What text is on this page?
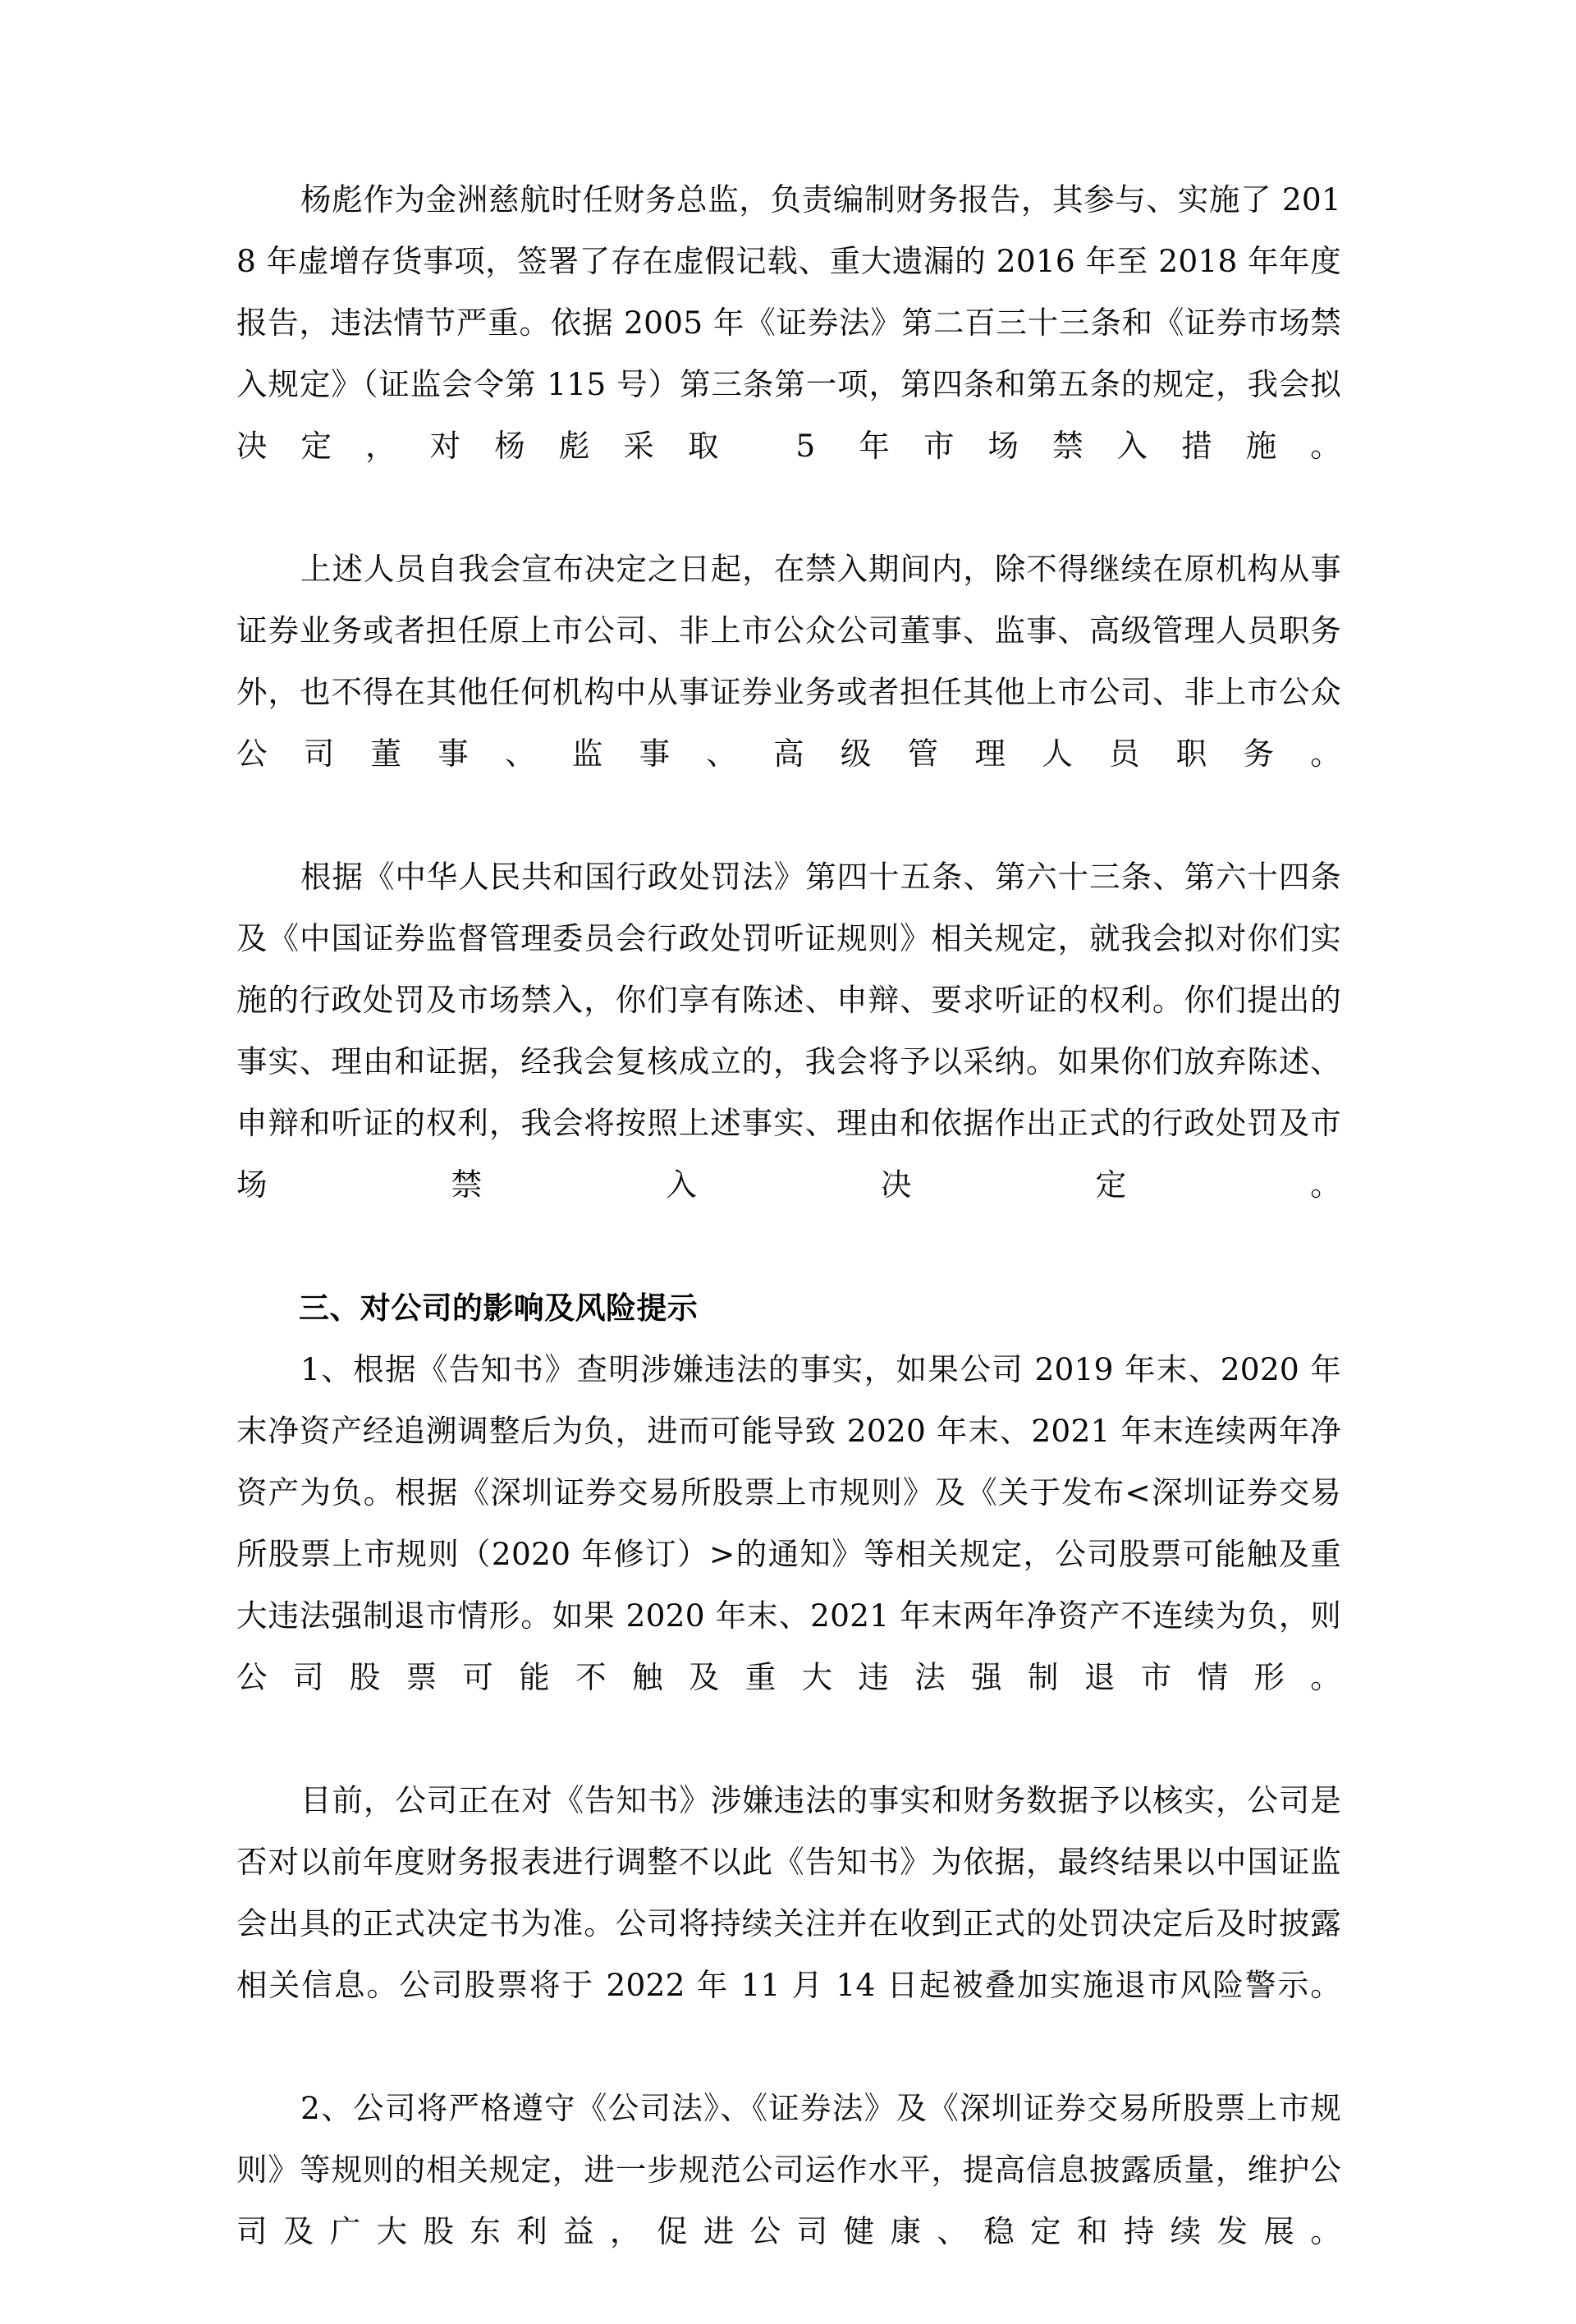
杨彪作为金洲慈航时任财务总监，负责编制财务报告，其参与、实施了 2018 年虚增存货事项，签署了存在虚假记载、重大遗漏的 2016 年至 2018 年年度报告，违法情节严重。依据 2005 年《证券法》第二百三十三条和《证券市场禁入规定》（证监会令第 115 号）第三条第一项，第四条和第五条的规定，我会拟决定，对杨彪采取 5 年市场禁入措施。

上述人员自我会宣布决定之日起，在禁入期间内，除不得继续在原机构从事证券业务或者担任原上市公司、非上市公众公司董事、监事、高级管理人员职务外，也不得在其他任何机构中从事证券业务或者担任其他上市公司、非上市公众公司董事、监事、高级管理人员职务。

根据《中华人民共和国行政处罚法》第四十五条、第六十三条、第六十四条及《中国证券监督管理委员会行政处罚听证规则》相关规定，就我会拟对你们实施的行政处罚及市场禁入，你们享有陈述、申辩、要求听证的权利。你们提出的事实、理由和证据，经我会复核成立的，我会将予以采纳。如果你们放弃陈述、申辩和听证的权利，我会将按照上述事实、理由和依据作出正式的行政处罚及市场禁入决定。

三、对公司的影响及风险提示

1、根据《告知书》查明涉嫌违法的事实，如果公司 2019 年末、2020 年末净资产经追溯调整后为负，进而可能导致 2020 年末、2021 年末连续两年净资产为负。根据《深圳证券交易所股票上市规则》及《关于发布<深圳证券交易所股票上市规则（2020 年修订）>的通知》等相关规定，公司股票可能触及重大违法强制退市情形。如果 2020 年末、2021 年末两年净资产不连续为负，则公司股票可能不触及重大违法强制退市情形。

目前，公司正在对《告知书》涉嫌违法的事实和财务数据予以核实，公司是否对以前年度财务报表进行调整不以此《告知书》为依据，最终结果以中国证监会出具的正式决定书为准。公司将持续关注并在收到正式的处罚决定后及时披露相关信息。公司股票将于 2022 年 11 月 14 日起被叠加实施退市风险警示。

2、公司将严格遵守《公司法》、《证券法》及《深圳证券交易所股票上市规则》等规则的相关规定，进一步规范公司运作水平，提高信息披露质量，维护公司及广大股东利益，促进公司健康、稳定和持续发展。
